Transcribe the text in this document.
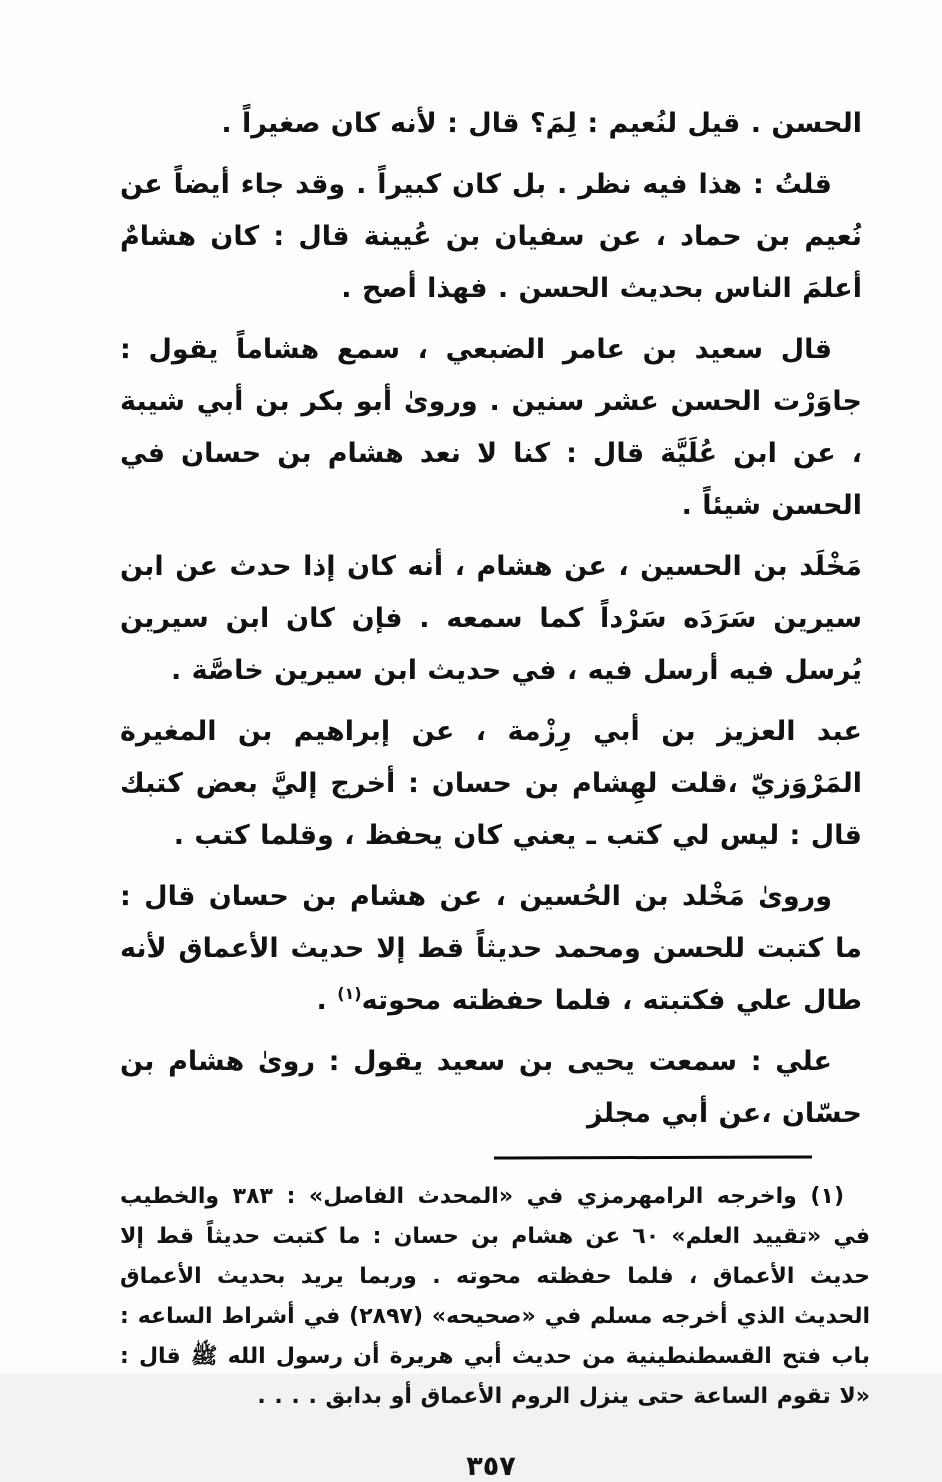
الحسن . قيل لنُعيم : لِمَ؟ قال : لأنه كان صغيراً .

قلتُ : هذا فيه نظر . بل كان كبيراً . وقد جاء أيضاً عن نُعيم بن حماد ، عن سفيان بن عُيينة قال : كان هشامٌ أعلمَ الناس بحديث الحسن . فهذا أصح .

قال سعيد بن عامر الضبعي ، سمع هشاماً يقول : جاوَرْت الحسن عشر سنين . وروىٰ أبو بكر بن أبي شيبة ، عن ابن عُلَيَّة قال : كنا لا نعد هشام بن حسان في الحسن شيئاً .

مَخْلَد بن الحسين ، عن هشام ، أنه كان إذا حدث عن ابن سيرين سَرَدَه سَرْداً كما سمعه . فإن كان ابن سيرين يُرسل فيه أرسل فيه ، في حديث ابن سيرين خاصَّة .

عبد العزيز بن أبي رِزْمة ، عن إبراهيم بن المغيرة المَرْوَزيّ ،قلت لهِشام بن حسان : أخرج إليَّ بعض كتبك قال : ليس لي كتب ـ يعني كان يحفظ ، وقلما كتب .

وروىٰ مَخْلد بن الحُسين ، عن هشام بن حسان قال : ما كتبت للحسن ومحمد حديثاً قط إلا حديث الأعماق لأنه طال علي فكتبته ، فلما حفظته محوته$^{(١)}$ .

علي : سمعت يحيى بن سعيد يقول : روىٰ هشام بن حسّان ،عن أبي مجلز

(١) واخرجه الرامهرمزي في «المحدث الفاصل» : ٣٨٣ والخطيب في «تقييد العلم» ٦٠ عن هشام بن حسان : ما كتبت حديثاً قط إلا حديث الأعماق ، فلما حفظته محوته . وربما يريد بحديث الأعماق الحديث الذي أخرجه مسلم في «صحيحه» (٢٨٩٧) في أشراط الساعه : باب فتح القسطنطينية من حديث أبي هريرة أن رسول الله ﷺ قال : «لا تقوم الساعة حتى ينزل الروم الأعماق أو بدابق . . . .

٣٥٧
